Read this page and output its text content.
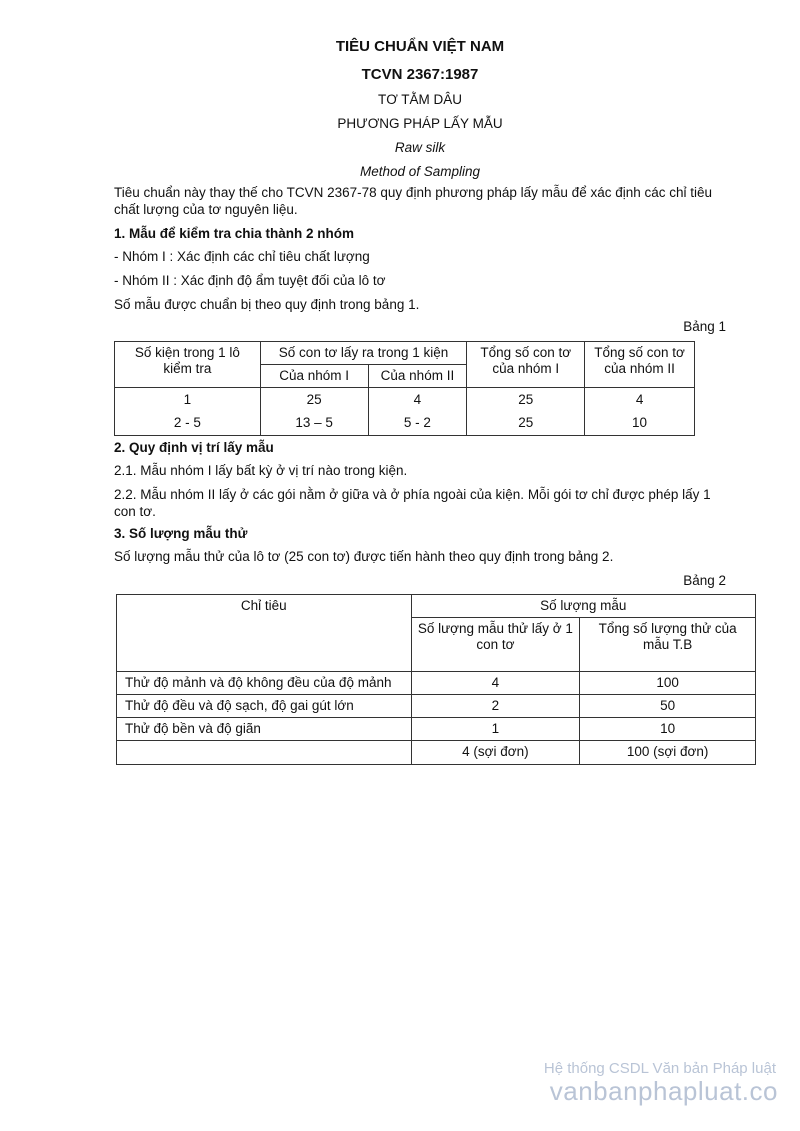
TIÊU CHUẨN VIỆT NAM
TCVN 2367:1987
TƠ TẰM DÂU
PHƯƠNG PHÁP LẤY MẪU
Raw silk
Method of Sampling
Tiêu chuẩn này thay thế cho TCVN 2367-78 quy định phương pháp lấy mẫu để xác định các chỉ tiêu chất lượng của tơ nguyên liệu.
1. Mẫu để kiểm tra chia thành 2 nhóm
- Nhóm I : Xác định các chỉ tiêu chất lượng
- Nhóm II : Xác định độ ẩm tuyệt đối của lô tơ
Số mẫu được chuẩn bị theo quy định trong bảng 1.
Bảng 1
Số kiện trong 1 lô kiểm tra	Số con tơ lấy ra trong 1 kiện		Tổng số con tơ của nhóm I	Tổng số con tơ của nhóm II
	Của nhóm I	Của nhóm II		
1	25	4	25	4
2 - 5	13 – 5	5 - 2	25	10
2. Quy định vị trí lấy mẫu
2.1. Mẫu nhóm I lấy bất kỳ ở vị trí nào trong kiện.
2.2. Mẫu nhóm II lấy ở các gói nằm ở giữa và ở phía ngoài của kiện. Mỗi gói tơ chỉ được phép lấy 1 con tơ.
3. Số lượng mẫu thử
Số lượng mẫu thử của lô tơ (25 con tơ) được tiến hành theo quy định trong bảng 2.
Bảng 2
Chỉ tiêu	Số lượng mẫu	
	Số lượng mẫu thử lấy ở 1 con tơ	Tổng số lượng thử của mẫu T.B
Thử độ mảnh và độ không đều của độ mảnh	4	100
Thử độ đều và độ sạch, độ gai gút lớn	2	50
Thử độ bền và độ giãn	1	10
	4 (sợi đơn)	100 (sợi đơn)
Hệ thống CSDL Văn bản Pháp luật
vanbanphapluat.co
